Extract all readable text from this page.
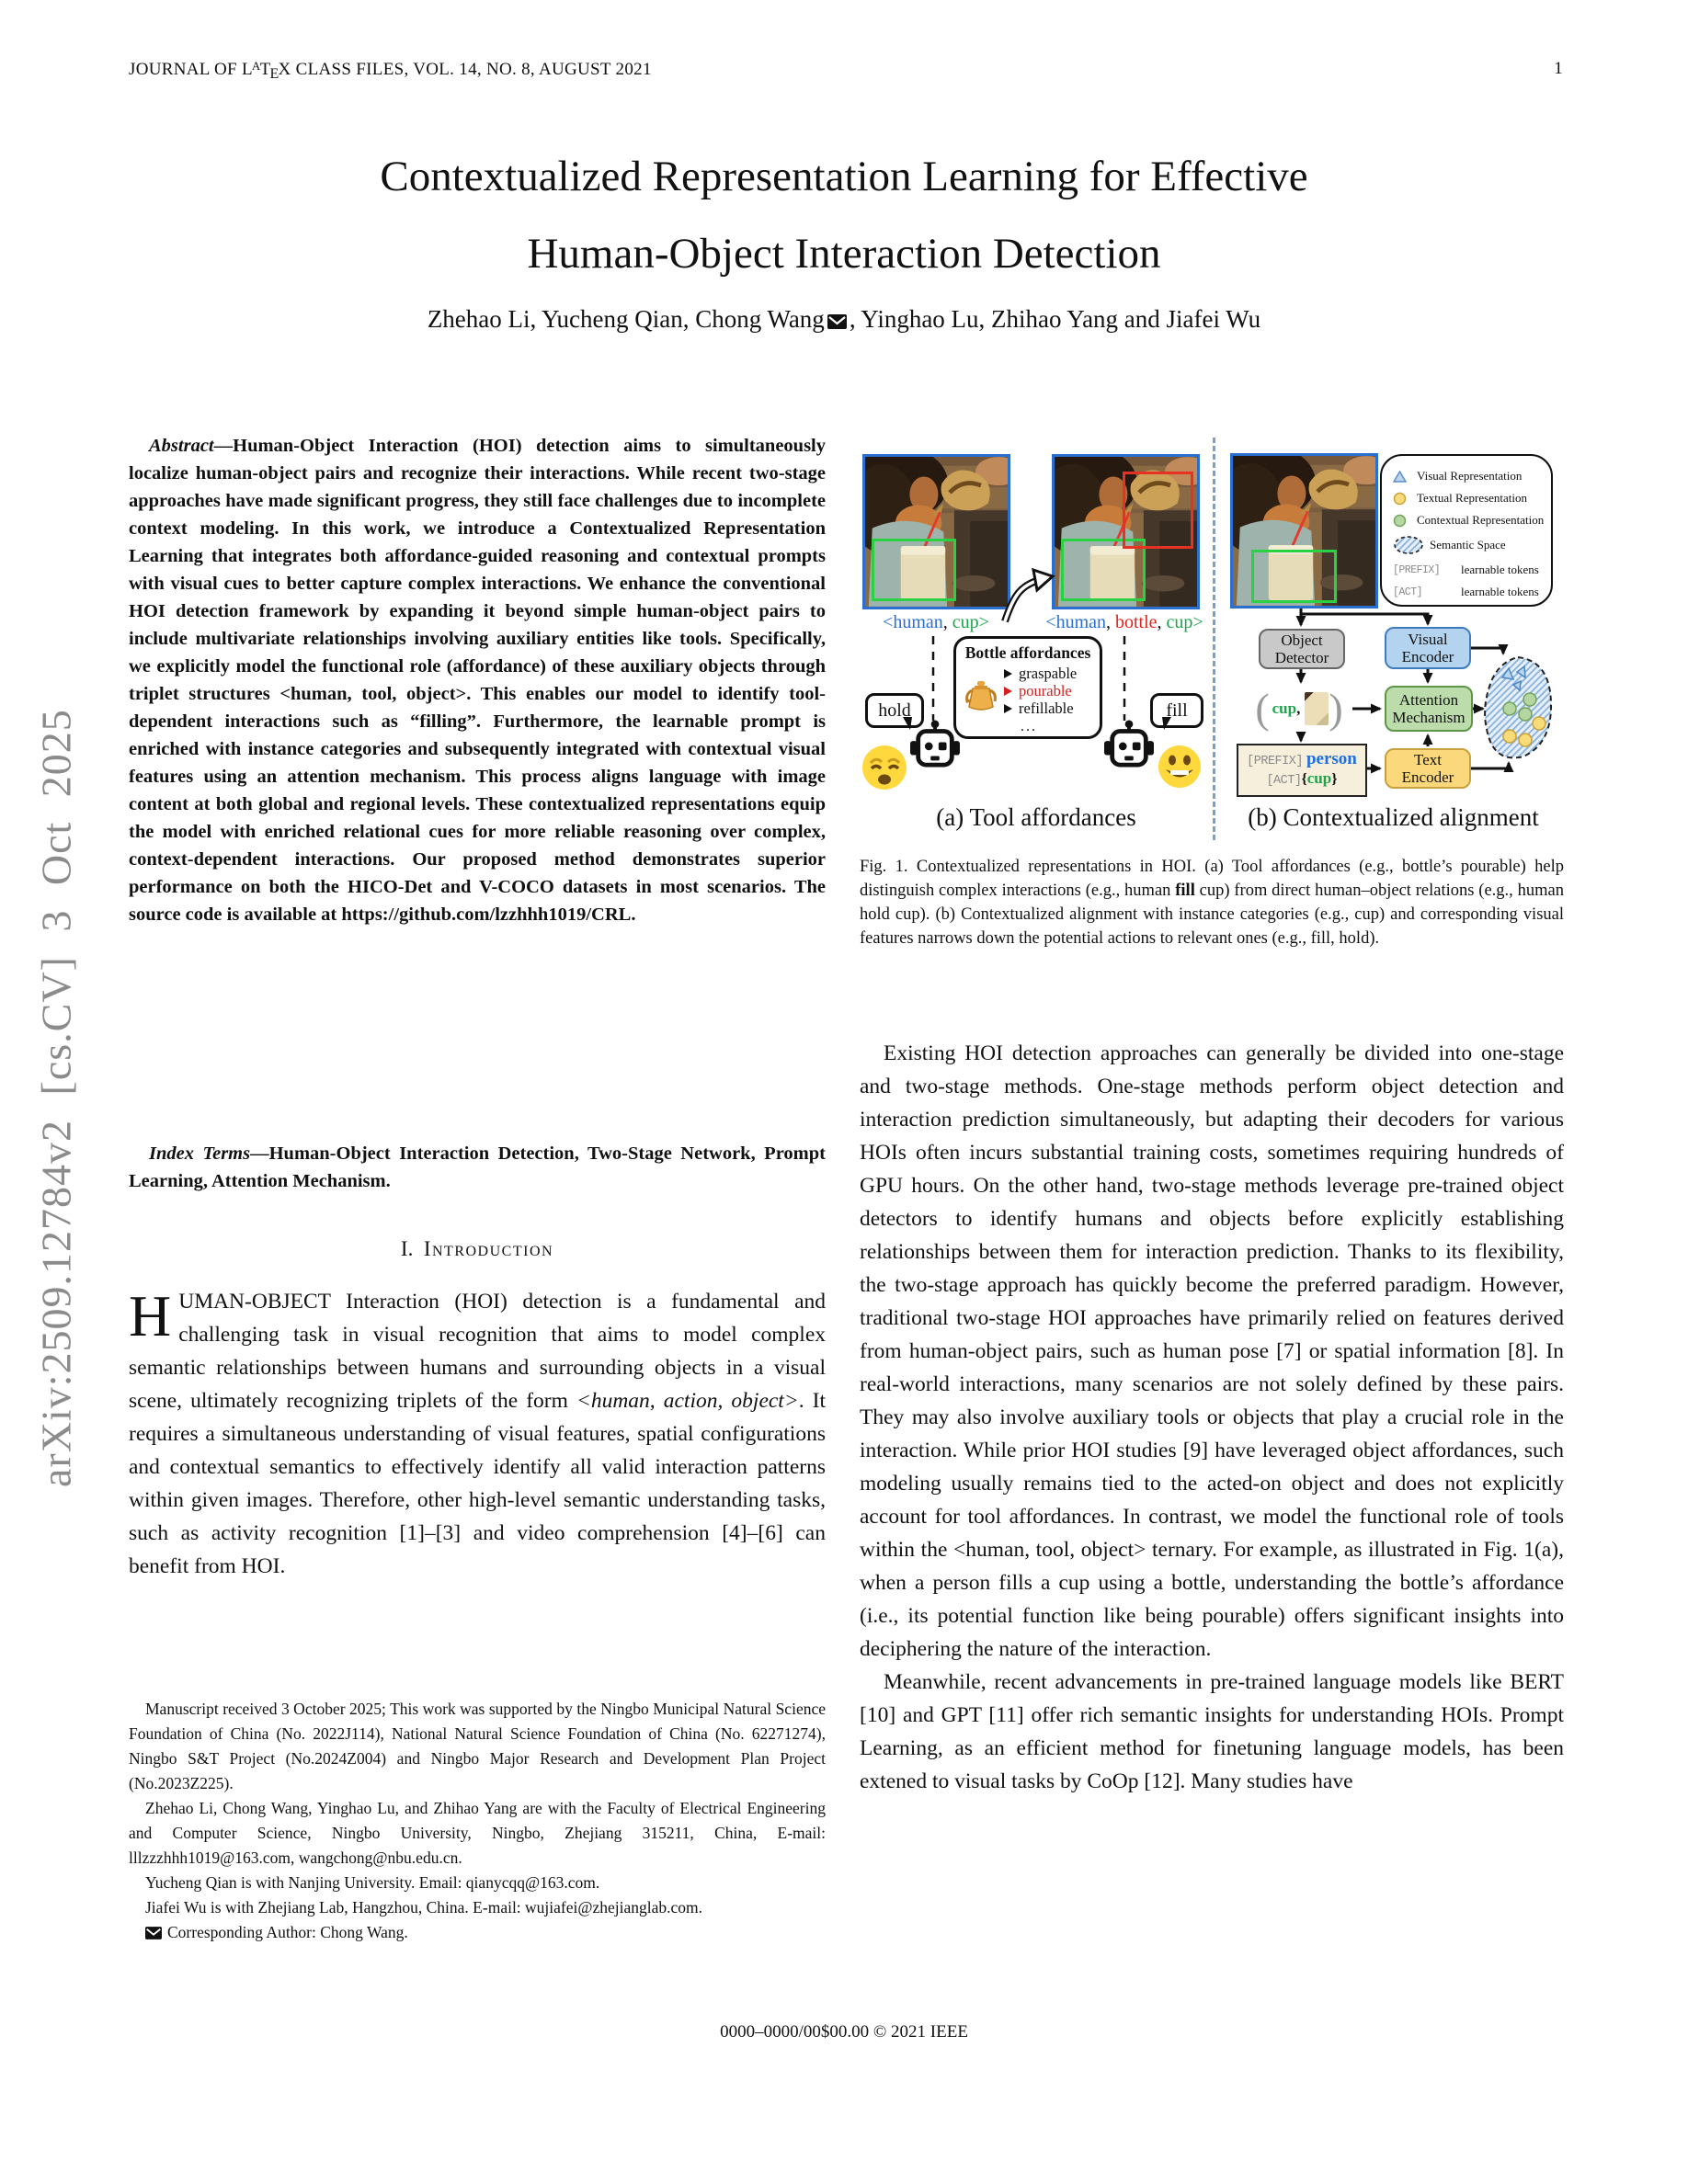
JOURNAL OF $L^AT_EX$ CLASS FILES, VOL. 14, NO. 8, AUGUST 2021	1
arXiv:2509.12784v2 [cs.CV] 3 Oct 2025
Contextualized Representation Learning for Effective
Human-Object Interaction Detection
Zhehao Li, Yucheng Qian, Chong Wang , Yinghao Lu, Zhihao Yang and Jiafei Wu

Abstract—Human-Object Interaction (HOI) detection aims to simultaneously localize human-object pairs and recognize their interactions. While recent two-stage approaches have made significant progress, they still face challenges due to incomplete context modeling. In this work, we introduce a Contextualized Representation Learning that integrates both affordance-guided reasoning and contextual prompts with visual cues to better capture complex interactions. We enhance the conventional HOI detection framework by expanding it beyond simple human-object pairs to include multivariate relationships involving auxiliary entities like tools. Specifically, we explicitly model the functional role (affordance) of these auxiliary objects through triplet structures <human, tool, object>. This enables our model to identify tool-dependent interactions such as “filling”. Furthermore, the learnable prompt is enriched with instance categories and subsequently integrated with contextual visual features using an attention mechanism. This process aligns language with image content at both global and regional levels. These contextualized representations equip the model with enriched relational cues for more reliable reasoning over complex, context-dependent interactions. Our proposed method demonstrates superior performance on both the HICO-Det and V-COCO datasets in most scenarios. The source code is available at https://github.com/lzzhhh1019/CRL.

Index Terms—Human-Object Interaction Detection, Two-Stage Network, Prompt Learning, Attention Mechanism.

I. Introduction
HUMAN-OBJECT Interaction (HOI) detection is a fundamental and challenging task in visual recognition that aims to model complex semantic relationships between humans and surrounding objects in a visual scene, ultimately recognizing triplets of the form <human, action, object>. It requires a simultaneous understanding of visual features, spatial configurations and contextual semantics to effectively identify all valid interaction patterns within given images. Therefore, other high-level semantic understanding tasks, such as activity recognition [1]–[3] and video comprehension [4]–[6] can benefit from HOI.

Manuscript received 3 October 2025; This work was supported by the Ningbo Municipal Natural Science Foundation of China (No. 2022J114), National Natural Science Foundation of China (No. 62271274), Ningbo S&T Project (No.2024Z004) and Ningbo Major Research and Development Plan Project (No.2023Z225).

Zhehao Li, Chong Wang, Yinghao Lu, and Zhihao Yang are with the Faculty of Electrical Engineering and Computer Science, Ningbo University, Ningbo, Zhejiang 315211, China, E-mail: lllzzzhhh1019@163.com, wangchong@nbu.edu.cn.

Yucheng Qian is with Nanjing University. Email: qianycqq@163.com.

Jiafei Wu is with Zhejiang Lab, Hangzhou, China. E-mail: wujiafei@zhejianglab.com.

Corresponding Author: Chong Wang.

<human, cup>	<human, bottle, cup>
Bottle affordances
graspable
pourable
refillable
...
hold	fill
(a) Tool affordances
Visual Representation
Textual Representation
Contextual Representation
Semantic Space
[PREFIX]	learnable tokens
[ACT]	learnable tokens
Object
Detector
Visual
Encoder
Attention
Mechanism
Text
Encoder
( cup, )
[PREFIX] person
[ACT]{cup}
(b) Contextualized alignment

Fig. 1. Contextualized representations in HOI. (a) Tool affordances (e.g., bottle’s pourable) help distinguish complex interactions (e.g., human fill cup) from direct human–object relations (e.g., human hold cup). (b) Contextualized alignment with instance categories (e.g., cup) and corresponding visual features narrows down the potential actions to relevant ones (e.g., fill, hold).

Existing HOI detection approaches can generally be divided into one-stage and two-stage methods. One-stage methods perform object detection and interaction prediction simultaneously, but adapting their decoders for various HOIs often incurs substantial training costs, sometimes requiring hundreds of GPU hours. On the other hand, two-stage methods leverage pre-trained object detectors to identify humans and objects before explicitly establishing relationships between them for interaction prediction. Thanks to its flexibility, the two-stage approach has quickly become the preferred paradigm. However, traditional two-stage HOI approaches have primarily relied on features derived from human-object pairs, such as human pose [7] or spatial information [8]. In real-world interactions, many scenarios are not solely defined by these pairs. They may also involve auxiliary tools or objects that play a crucial role in the interaction. While prior HOI studies [9] have leveraged object affordances, such modeling usually remains tied to the acted-on object and does not explicitly account for tool affordances. In contrast, we model the functional role of tools within the <human, tool, object> ternary. For example, as illustrated in Fig. 1(a), when a person fills a cup using a bottle, understanding the bottle’s affordance (i.e., its potential function like being pourable) offers significant insights into deciphering the nature of the interaction.

Meanwhile, recent advancements in pre-trained language models like BERT [10] and GPT [11] offer rich semantic insights for understanding HOIs. Prompt Learning, as an efficient method for finetuning language models, has been extened to visual tasks by CoOp [12]. Many studies have

0000–0000/00$00.00 © 2021 IEEE
